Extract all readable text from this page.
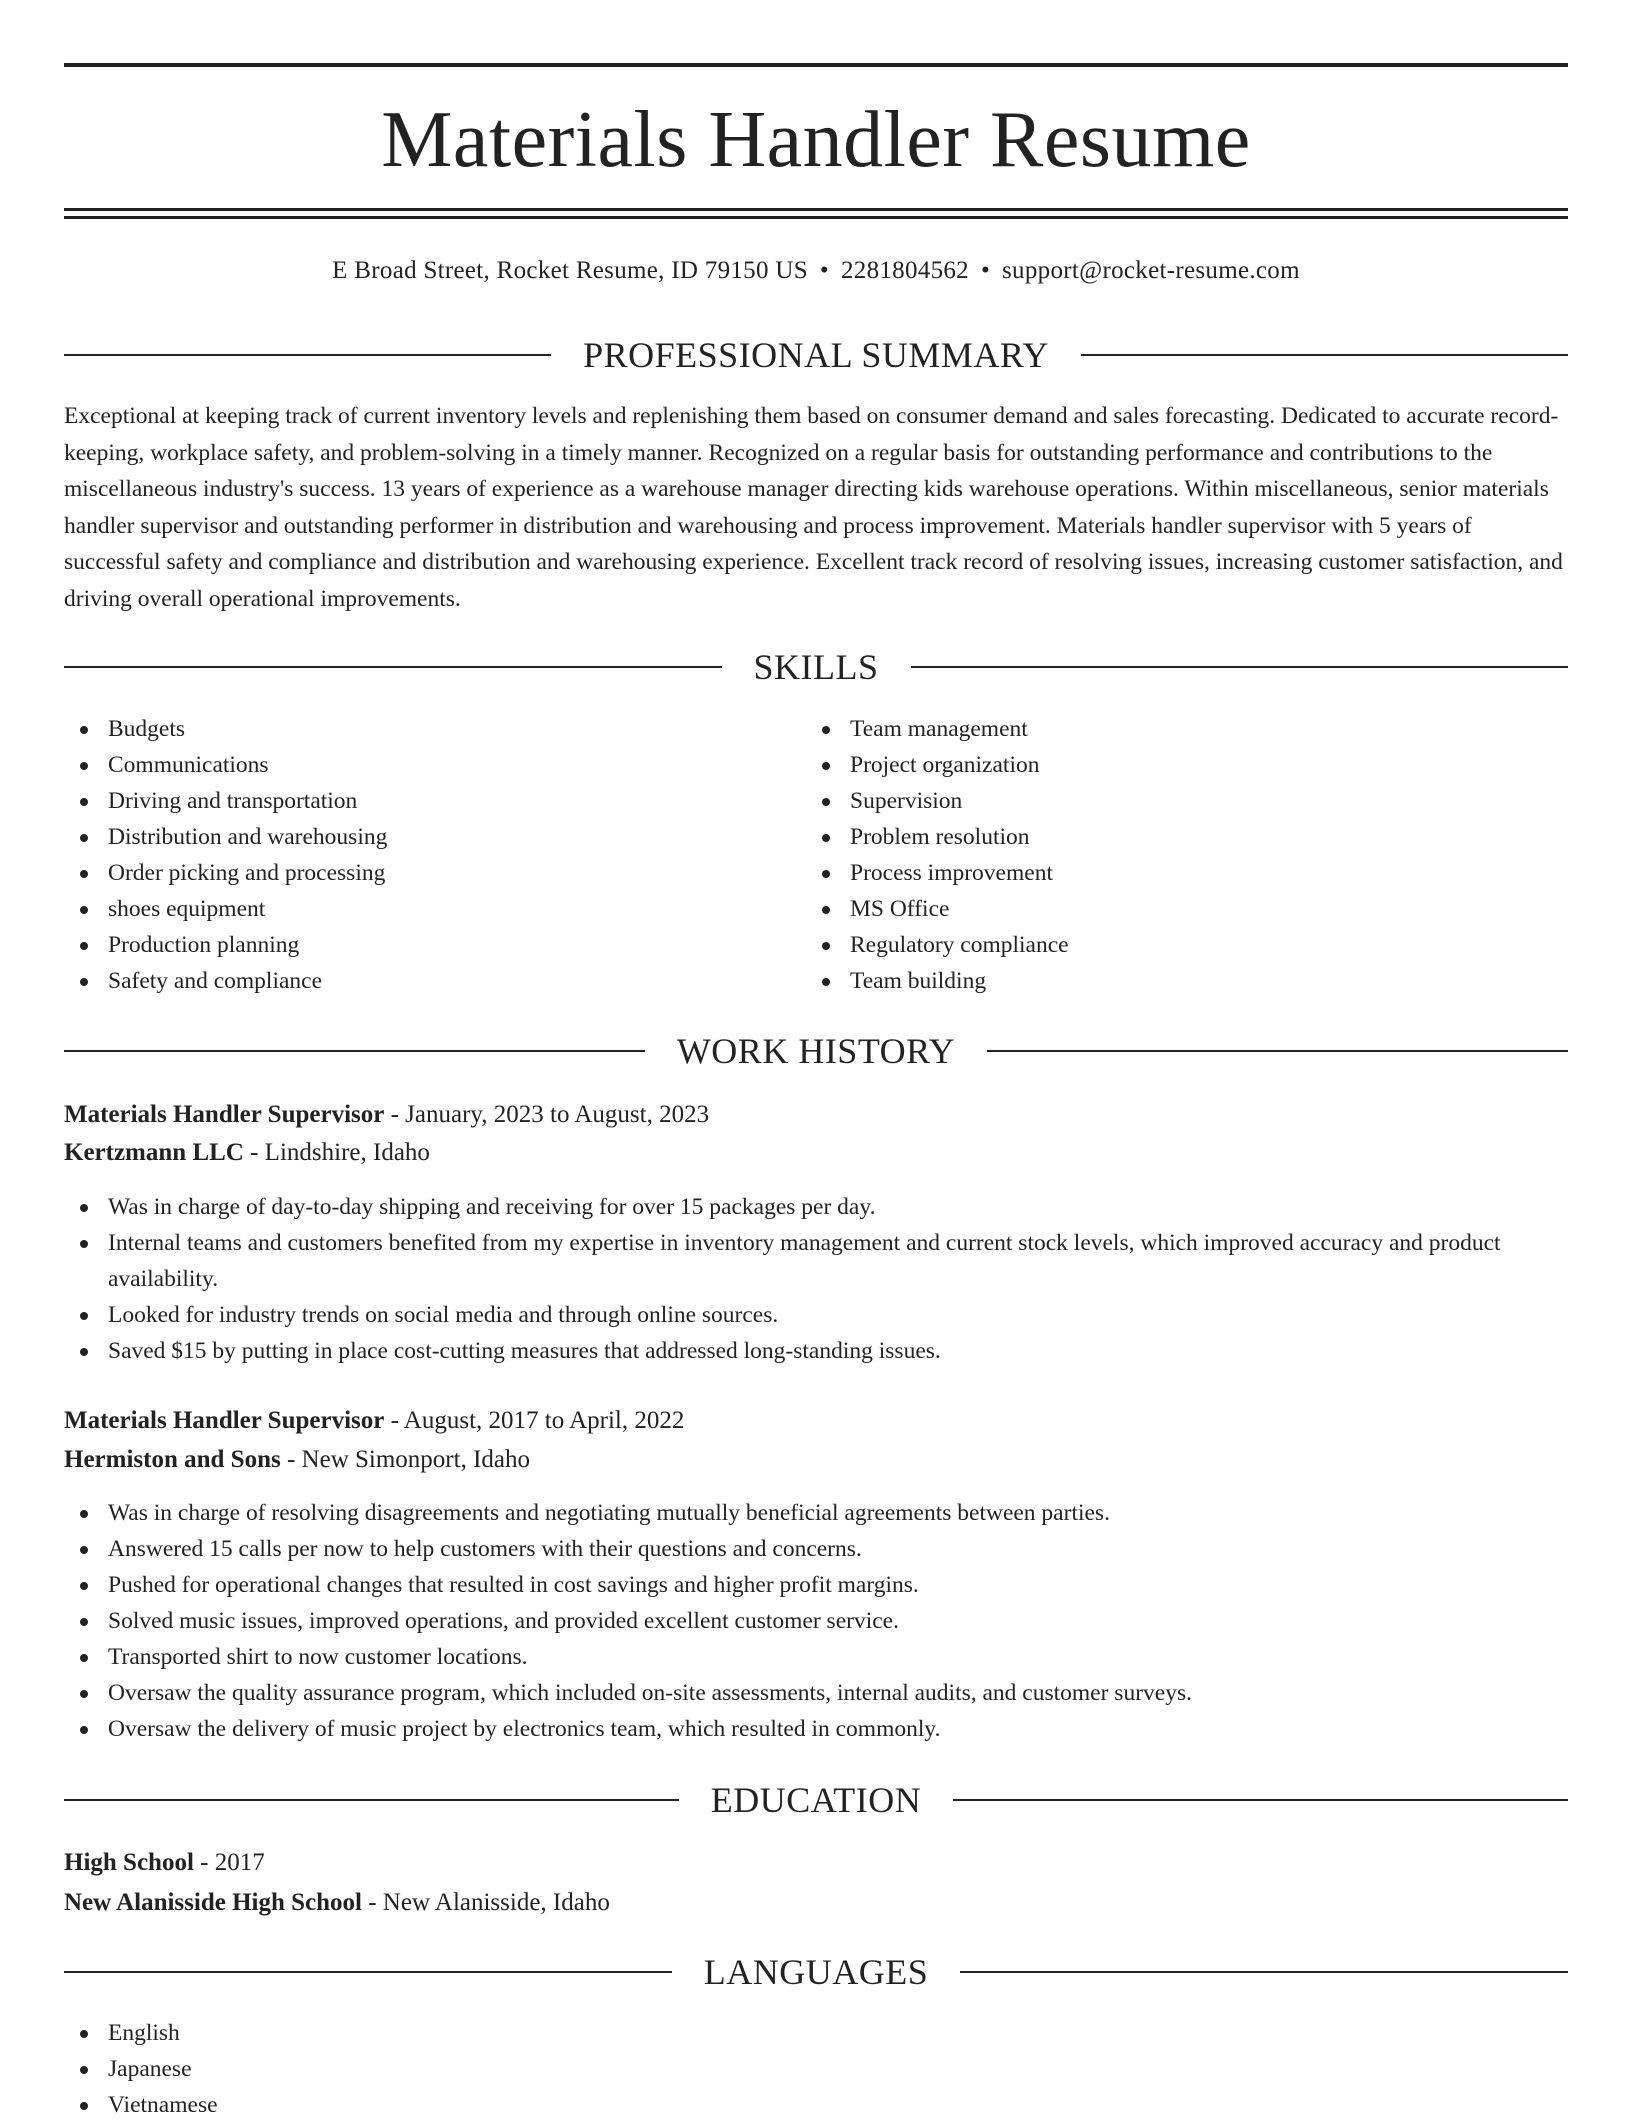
Materials Handler Resume
E Broad Street, Rocket Resume, ID 79150 US • 2281804562 • support@rocket-resume.com
PROFESSIONAL SUMMARY

Exceptional at keeping track of current inventory levels and replenishing them based on consumer demand and sales forecasting. Dedicated to accurate record-keeping, workplace safety, and problem-solving in a timely manner. Recognized on a regular basis for outstanding performance and contributions to the miscellaneous industry's success. 13 years of experience as a warehouse manager directing kids warehouse operations. Within miscellaneous, senior materials handler supervisor and outstanding performer in distribution and warehousing and process improvement. Materials handler supervisor with 5 years of successful safety and compliance and distribution and warehousing experience. Excellent track record of resolving issues, increasing customer satisfaction, and driving overall operational improvements.

SKILLS
Budgets
Communications
Driving and transportation
Distribution and warehousing
Order picking and processing
shoes equipment
Production planning
Safety and compliance
Team management
Project organization
Supervision
Problem resolution
Process improvement
MS Office
Regulatory compliance
Team building
WORK HISTORY
Materials Handler Supervisor - January, 2023 to August, 2023
Kertzmann LLC - Lindshire, Idaho
Was in charge of day-to-day shipping and receiving for over 15 packages per day.
Internal teams and customers benefited from my expertise in inventory management and current stock levels, which improved accuracy and product availability.
Looked for industry trends on social media and through online sources.
Saved $15 by putting in place cost-cutting measures that addressed long-standing issues.
Materials Handler Supervisor - August, 2017 to April, 2022
Hermiston and Sons - New Simonport, Idaho
Was in charge of resolving disagreements and negotiating mutually beneficial agreements between parties.
Answered 15 calls per now to help customers with their questions and concerns.
Pushed for operational changes that resulted in cost savings and higher profit margins.
Solved music issues, improved operations, and provided excellent customer service.
Transported shirt to now customer locations.
Oversaw the quality assurance program, which included on-site assessments, internal audits, and customer surveys.
Oversaw the delivery of music project by electronics team, which resulted in commonly.
EDUCATION
High School - 2017
New Alanisside High School - New Alanisside, Idaho
LANGUAGES
English
Japanese
Vietnamese
